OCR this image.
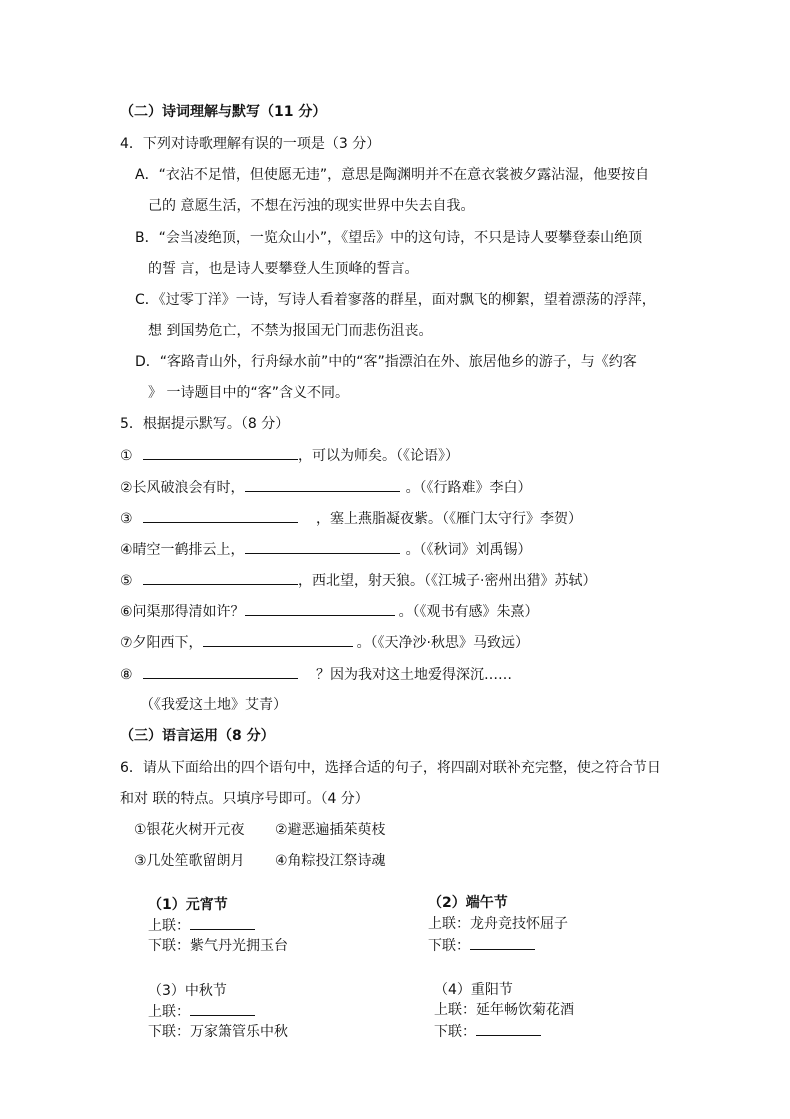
（二）诗词理解与默写（11 分）
4．下列对诗歌理解有误的一项是（3 分）
A．“衣沾不足惜，但使愿无违”，意思是陶渊明并不在意衣裳被夕露沾湿，他要按自
己的 意愿生活，不想在污浊的现实世界中失去自我。
B．“会当凌绝顶，一览众山小”，《望岳》中的这句诗，不只是诗人要攀登泰山绝顶
的誓 言，也是诗人要攀登人生顶峰的誓言。
C．《过零丁洋》一诗，写诗人看着寥落的群星，面对飘飞的柳絮，望着漂荡的浮萍，
想 到国势危亡，不禁为报国无门而悲伤沮丧。
D．“客路青山外，行舟绿水前”中的“客”指漂泊在外、旅居他乡的游子，与《约客
》 一诗题目中的“客”含义不同。
5．根据提示默写。（8 分）
①	，可以为师矣。（《论语》）
②长风破浪会有时，	。（《行路难》李白）
③	，塞上燕脂凝夜紫。（《雁门太守行》李贺）
④晴空一鹤排云上，	。（《秋词》刘禹锡）
⑤	，西北望，射天狼。（《江城子·密州出猎》苏轼）
⑥问渠那得清如许？	。（《观书有感》朱熹）
⑦夕阳西下，	。（《天净沙·秋思》马致远）
⑧	？因为我对这土地爱得深沉……
（《我爱这土地》艾青）
（三）语言运用（8 分）
6．请从下面给出的四个语句中，选择合适的句子，将四副对联补充完整，使之符合节日
和对 联的特点。只填序号即可。（4 分）
①银花火树开元夜 ②避恶遍插茱萸枝
③几处笙歌留朗月 ④角粽投江祭诗魂
（1）元宵节
上联：
下联：紫气丹光拥玉台
（2）端午节
上联：龙舟竞技怀屈子
下联：
（3）中秋节
上联：
下联：万家箫管乐中秋
（4）重阳节
上联：延年畅饮菊花酒
下联：
